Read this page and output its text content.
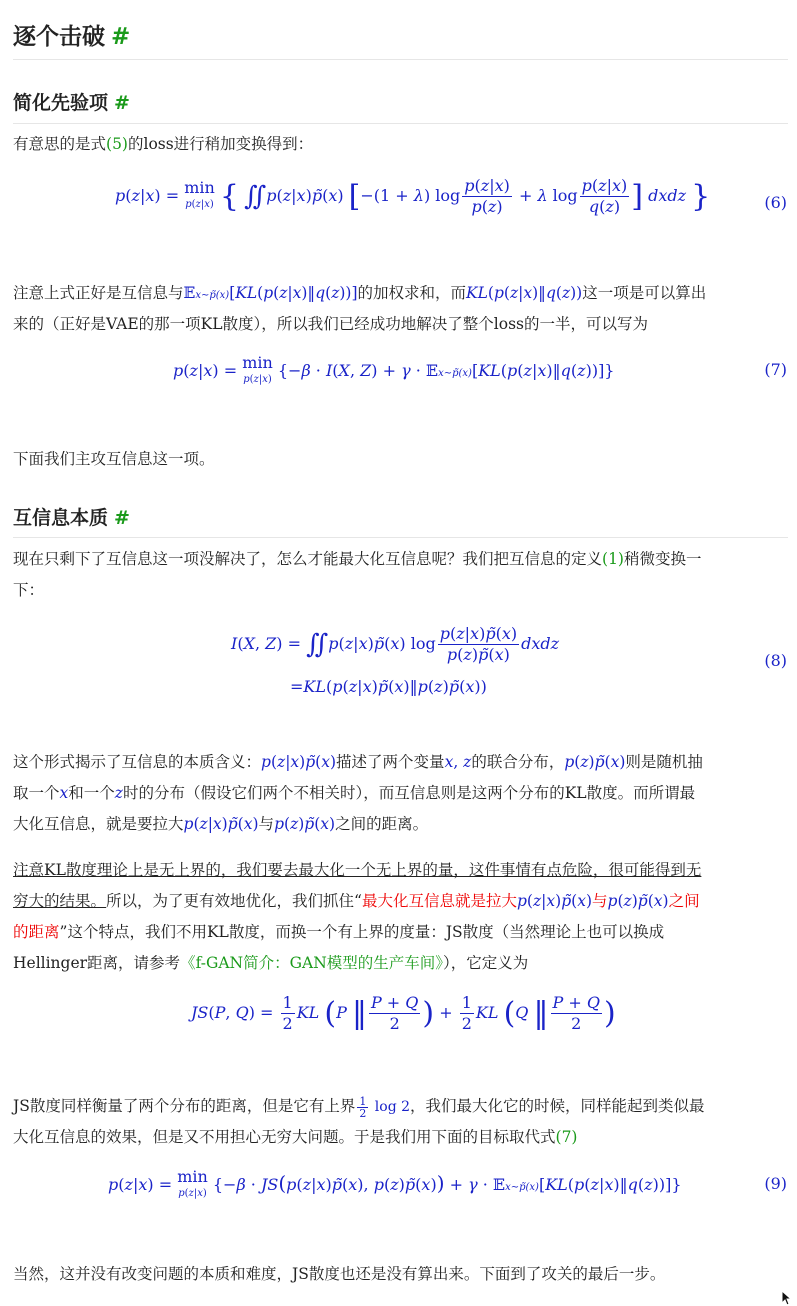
逐个击破 #
简化先验项 #
有意思的是式(5)的loss进行稍加变换得到：
p(z|x) = min
p(z|x) { ∬p(z|x)p̃(x) [−(1 + λ) $\log \frac{p(z|x)}{p(z)} + \lambda$ $\log \frac{p(z|x)}{q(z)}$ ] dxdz }	(6)
注意上式正好是互信息与𝔼x∼p̃(x)[KL(p(z|x)‖q(z))]的加权求和，而KL(p(z|x)‖q(z))这一项是可以算出
来的（正好是VAE的那一项KL散度），所以我们已经成功地解决了整个loss的一半，可以写为
p(z|x) = min
p(z|x) {−β · I(X, Z) + γ · 𝔼x∼p̃(x)[KL(p(z|x)‖q(z))]}	(7)
下面我们主攻互信息这一项。
互信息本质 #
现在只剩下了互信息这一项没解决了，怎么才能最大化互信息呢？我们把互信息的定义(1)稍微变换一
下：
I(X, Z) = ∬p(z|x)p̃(x) $\log \frac{p(z|x)p̃(x)}{p(z)p̃(x)}$ dxdz
=KL(p(z|x)p̃(x)‖p(z)p̃(x))
(8)
这个形式揭示了互信息的本质含义：p(z|x)p̃(x)描述了两个变量x, z的联合分布，p(z)p̃(x)则是随机抽
取一个x和一个z时的分布（假设它们两个不相关时），而互信息则是这两个分布的KL散度。而所谓最
大化互信息，就是要拉大p(z|x)p̃(x)与p(z)p̃(x)之间的距离。
注意KL散度理论上是无上界的，我们要去最大化一个无上界的量，这件事情有点危险，很可能得到无
穷大的结果。所以，为了更有效地优化，我们抓住“最大化互信息就是拉大p(z|x)p̃(x)与p(z)p̃(x)之间
的距离”这个特点，我们不用KL散度，而换一个有上界的度量：JS散度（当然理论上也可以换成
Hellinger距离，请参考《f-GAN简介：GAN模型的生产车间》），它定义为
JS(P, $Q) = \frac{1}{2}$ KL (P ‖ $\frac{P + Q}{2}$ ) + $\frac{1}{2}$ KL (Q ‖ $\frac{P + Q}{2}$ )
JS散度同样衡量了两个分布的距离，但是它有上界 $\frac{1}{2}$ log 2，我们最大化它的时候，同样能起到类似最
大化互信息的效果，但是又不用担心无穷大问题。于是我们用下面的目标取代式(7)
p(z|x) = min
p(z|x) {−β · JS(p(z|x)p̃(x), p(z)p̃(x)) + γ · 𝔼x∼p̃(x)[KL(p(z|x)‖q(z))]}	(9)
当然，这并没有改变问题的本质和难度，JS散度也还是没有算出来。下面到了攻关的最后一步。
